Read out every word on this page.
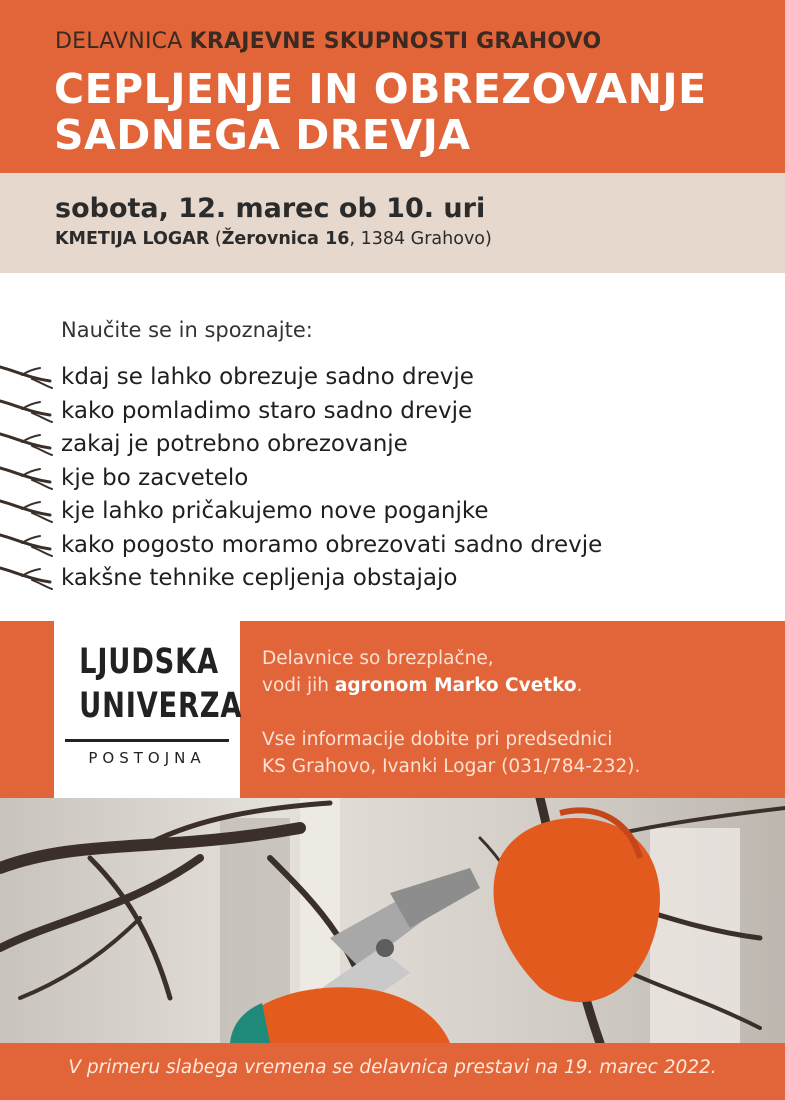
DELAVNICA KRAJEVNE SKUPNOSTI GRAHOVO
CEPLJENJE IN OBREZOVANJE
SADNEGA DREVJA
sobota, 12. marec ob 10. uri
KMETIJA LOGAR (Žerovnica 16, 1384 Grahovo)
Naučite se in spoznajte:
kdaj se lahko obrezuje sadno drevje
kako pomladimo staro sadno drevje
zakaj je potrebno obrezovanje
kje bo zacvetelo
kje lahko pričakujemo nove poganjke
kako pogosto moramo obrezovati sadno drevje
kakšne tehnike cepljenja obstajajo
LJUDSKA
UNIVERZA
POSTOJNA

Delavnice so brezplačne,

vodi jih agronom Marko Cvetko.

Vse informacije dobite pri predsednici

KS Grahovo, Ivanki Logar (031/784-232).

V primeru slabega vremena se delavnica prestavi na 19. marec 2022.
